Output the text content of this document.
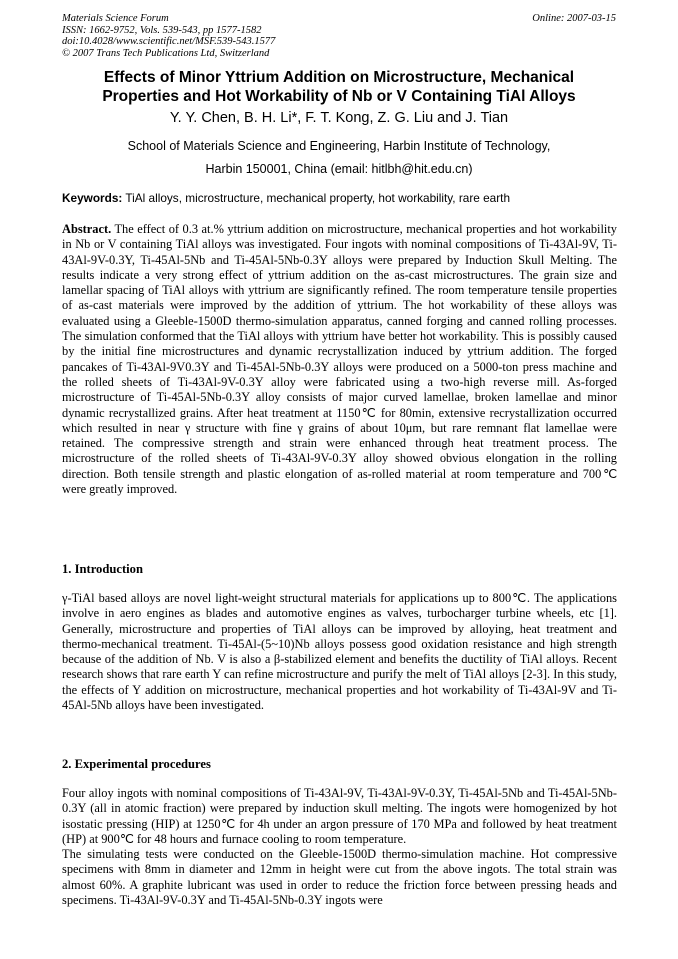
Materials Science Forum
ISSN: 1662-9752, Vols. 539-543, pp 1577-1582
doi:10.4028/www.scientific.net/MSF.539-543.1577
© 2007 Trans Tech Publications Ltd, Switzerland
Online: 2007-03-15
Effects of Minor Yttrium Addition on Microstructure, Mechanical
Properties and Hot Workability of Nb or V Containing TiAl Alloys
Y. Y. Chen, B. H. Li*, F. T. Kong, Z. G. Liu and J. Tian
School of Materials Science and Engineering, Harbin Institute of Technology,
Harbin 150001, China (email: hitlbh@hit.edu.cn)
Keywords: TiAl alloys, microstructure, mechanical property, hot workability, rare earth
Abstract. The effect of 0.3 at.% yttrium addition on microstructure, mechanical properties and hot workability in Nb or V containing TiAl alloys was investigated. Four ingots with nominal compositions of Ti-43Al-9V, Ti-43Al-9V-0.3Y, Ti-45Al-5Nb and Ti-45Al-5Nb-0.3Y alloys were prepared by Induction Skull Melting. The results indicate a very strong effect of yttrium addition on the as-cast microstructures. The grain size and lamellar spacing of TiAl alloys with yttrium are significantly refined. The room temperature tensile properties of as-cast materials were improved by the addition of yttrium. The hot workability of these alloys was evaluated using a Gleeble-1500D thermo-simulation apparatus, canned forging and canned rolling processes. The simulation conformed that the TiAl alloys with yttrium have better hot workability. This is possibly caused by the initial fine microstructures and dynamic recrystallization induced by yttrium addition. The forged pancakes of Ti-43Al-9V0.3Y and Ti-45Al-5Nb-0.3Y alloys were produced on a 5000-ton press machine and the rolled sheets of Ti-43Al-9V-0.3Y alloy were fabricated using a two-high reverse mill. As-forged microstructure of Ti-45Al-5Nb-0.3Y alloy consists of major curved lamellae, broken lamellae and minor dynamic recrystallized grains. After heat treatment at 1150℃ for 80min, extensive recrystallization occurred which resulted in near γ structure with fine γ grains of about 10μm, but rare remnant flat lamellae were retained. The compressive strength and strain were enhanced through heat treatment process. The microstructure of the rolled sheets of Ti-43Al-9V-0.3Y alloy showed obvious elongation in the rolling direction. Both tensile strength and plastic elongation of as-rolled material at room temperature and 700℃ were greatly improved.
1. Introduction

γ-TiAl based alloys are novel light-weight structural materials for applications up to 800℃. The applications involve in aero engines as blades and automotive engines as valves, turbocharger turbine wheels, etc [1]. Generally, microstructure and properties of TiAl alloys can be improved by alloying, heat treatment and thermo-mechanical treatment. Ti-45Al-(5~10)Nb alloys possess good oxidation resistance and high strength because of the addition of Nb. V is also a β-stabilized element and benefits the ductility of TiAl alloys. Recent research shows that rare earth Y can refine microstructure and purify the melt of TiAl alloys [2-3]. In this study, the effects of Y addition on microstructure, mechanical properties and hot workability of Ti-43Al-9V and Ti-45Al-5Nb alloys have been investigated.

2. Experimental procedures

Four alloy ingots with nominal compositions of Ti-43Al-9V, Ti-43Al-9V-0.3Y, Ti-45Al-5Nb and Ti-45Al-5Nb-0.3Y (all in atomic fraction) were prepared by induction skull melting. The ingots were homogenized by hot isostatic pressing (HIP) at 1250℃ for 4h under an argon pressure of 170 MPa and followed by heat treatment (HP) at 900℃ for 48 hours and furnace cooling to room temperature.

The simulating tests were conducted on the Gleeble-1500D thermo-simulation machine. Hot compressive specimens with 8mm in diameter and 12mm in height were cut from the above ingots. The total strain was almost 60%. A graphite lubricant was used in order to reduce the friction force between pressing heads and specimens. Ti-43Al-9V-0.3Y and Ti-45Al-5Nb-0.3Y ingots were
